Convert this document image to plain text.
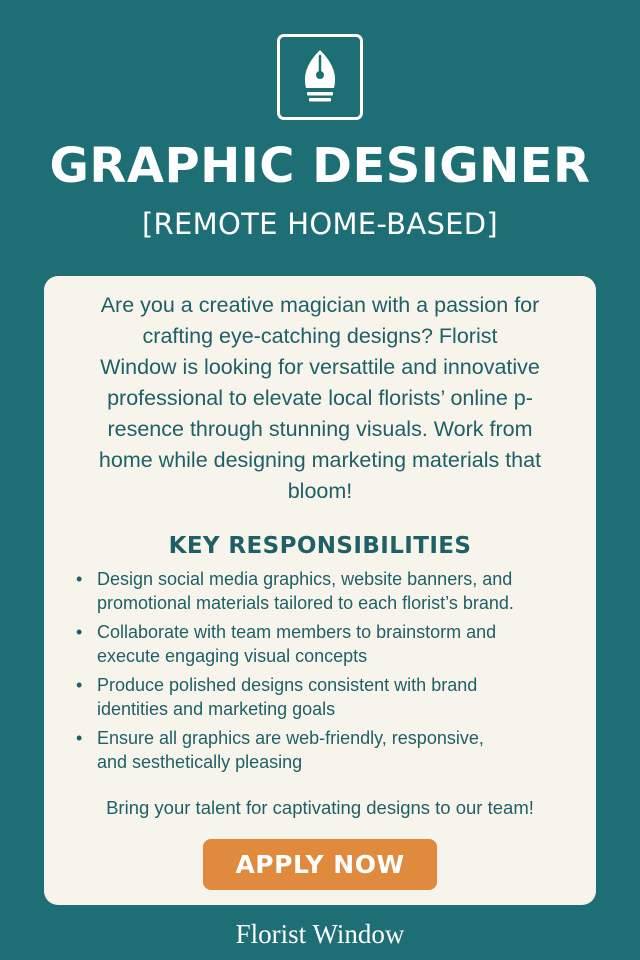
GRAPHIC DESIGNER
[REMOTE HOME-BASED]

Are you a creative magician with a passion for
crafting eye-catching designs? Florist
Window is looking for versattile and innovative
professional to elevate local florists’ online p-
resence through stunning visuals. Work from
home while designing marketing materials that
bloom!

KEY RESPONSIBILITIES
• Design social media graphics, website banners, and
promotional materials tailored to each florist’s brand.
• Collaborate with team members to brainstorm and
execute engaging visual concepts
• Produce polished designs consistent with brand
identities and marketing goals
• Ensure all graphics are web-friendly, responsive,
and sesthetically pleasing

Bring your talent for captivating designs to our team!

APPLY NOW
Florist Window
